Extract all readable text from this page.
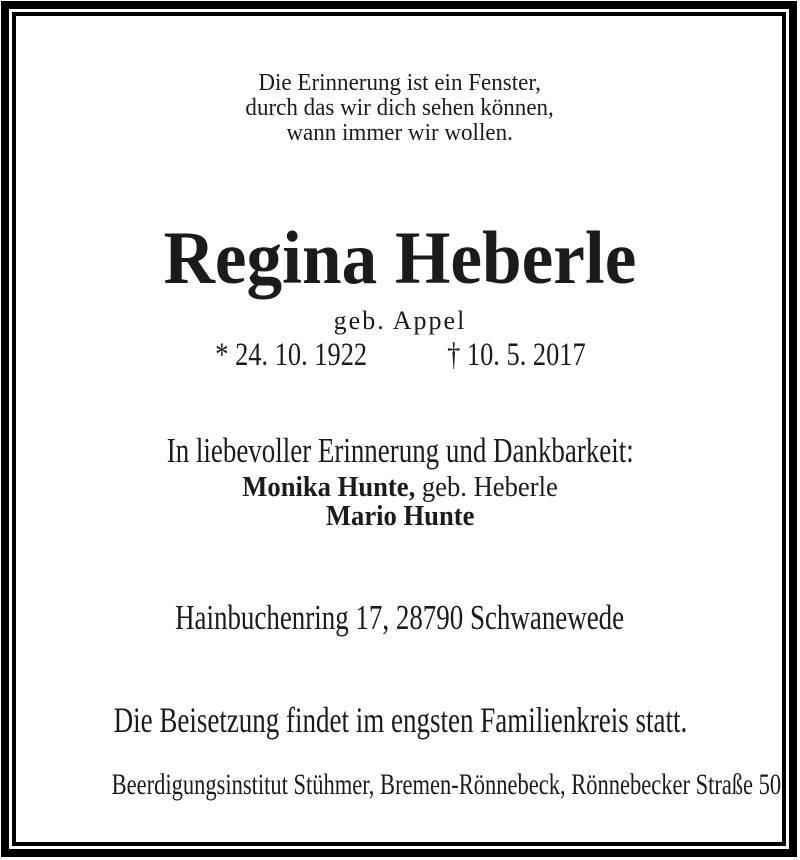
Die Erinnerung ist ein Fenster,
durch das wir dich sehen können,
wann immer wir wollen.
Regina Heberle
geb. Appel
* 24. 10. 1922 † 10. 5. 2017
In liebevoller Erinnerung und Dankbarkeit:
Monika Hunte, geb. Heberle
Mario Hunte
Hainbuchenring 17, 28790 Schwanewede
Die Beisetzung findet im engsten Familienkreis statt.
Beerdigungsinstitut Stühmer, Bremen-Rönnebeck, Rönnebecker Straße 50
